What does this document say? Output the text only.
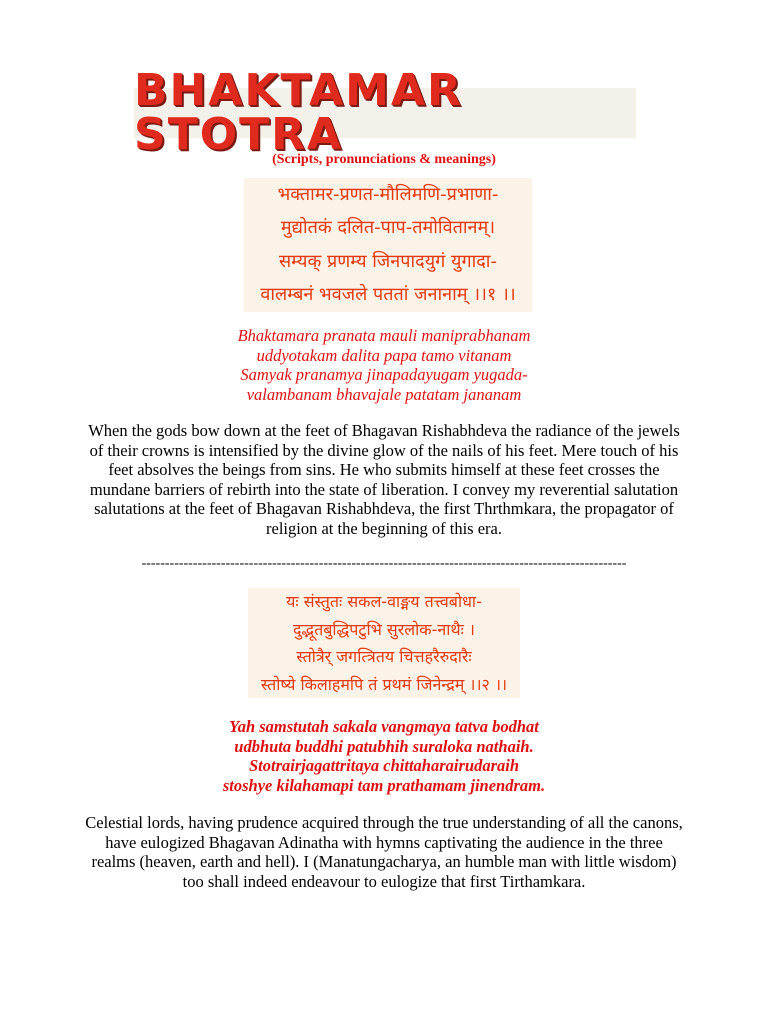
BHAKTAMAR STOTRA
(Scripts, pronunciations & meanings)
भक्तामर-प्रणत-मौलिमणि-प्रभाणा-
मुद्योतकं दलित-पाप-तमोवितानम्।
सम्यक् प्रणम्य जिनपादयुगं युगादा-
वालम्बनं भवजले पततां जनानाम् ।।१ ।।
Bhaktamara pranata mauli maniprabhanam
uddyotakam dalita papa tamo vitanam
Samyak pranamya jinapadayugam yugada-
valambanam bhavajale patatam jananam
When the gods bow down at the feet of Bhagavan Rishabhdeva the radiance of the jewels of their crowns is intensified by the divine glow of the nails of his feet. Mere touch of his feet absolves the beings from sins. He who submits himself at these feet crosses the mundane barriers of rebirth into the state of liberation. I convey my reverential salutation salutations at the feet of Bhagavan Rishabhdeva, the first Thrthmkara, the propagator of religion at the beginning of this era.
--------------------------------------------------------------------------------------------------------
यः संस्तुतः सकल-वाङ्मय तत्त्वबोधा-
दुद्भूतबुद्धिपटुभि सुरलोक-नाथैः ।
स्तोत्रैर् जगत्त्रितय चित्तहरैरुदारैः
स्तोष्ये किलाहमपि तं प्रथमं जिनेन्द्रम् ।।२ ।।
Yah samstutah sakala vangmaya tatva bodhat
udbhuta buddhi patubhih suraloka nathaih.
Stotrairjagattritaya chittaharairudaraih
stoshye kilahamapi tam prathamam jinendram.
Celestial lords, having prudence acquired through the true understanding of all the canons, have eulogized Bhagavan Adinatha with hymns captivating the audience in the three realms (heaven, earth and hell). I (Manatungacharya, an humble man with little wisdom) too shall indeed endeavour to eulogize that first Tirthamkara.
